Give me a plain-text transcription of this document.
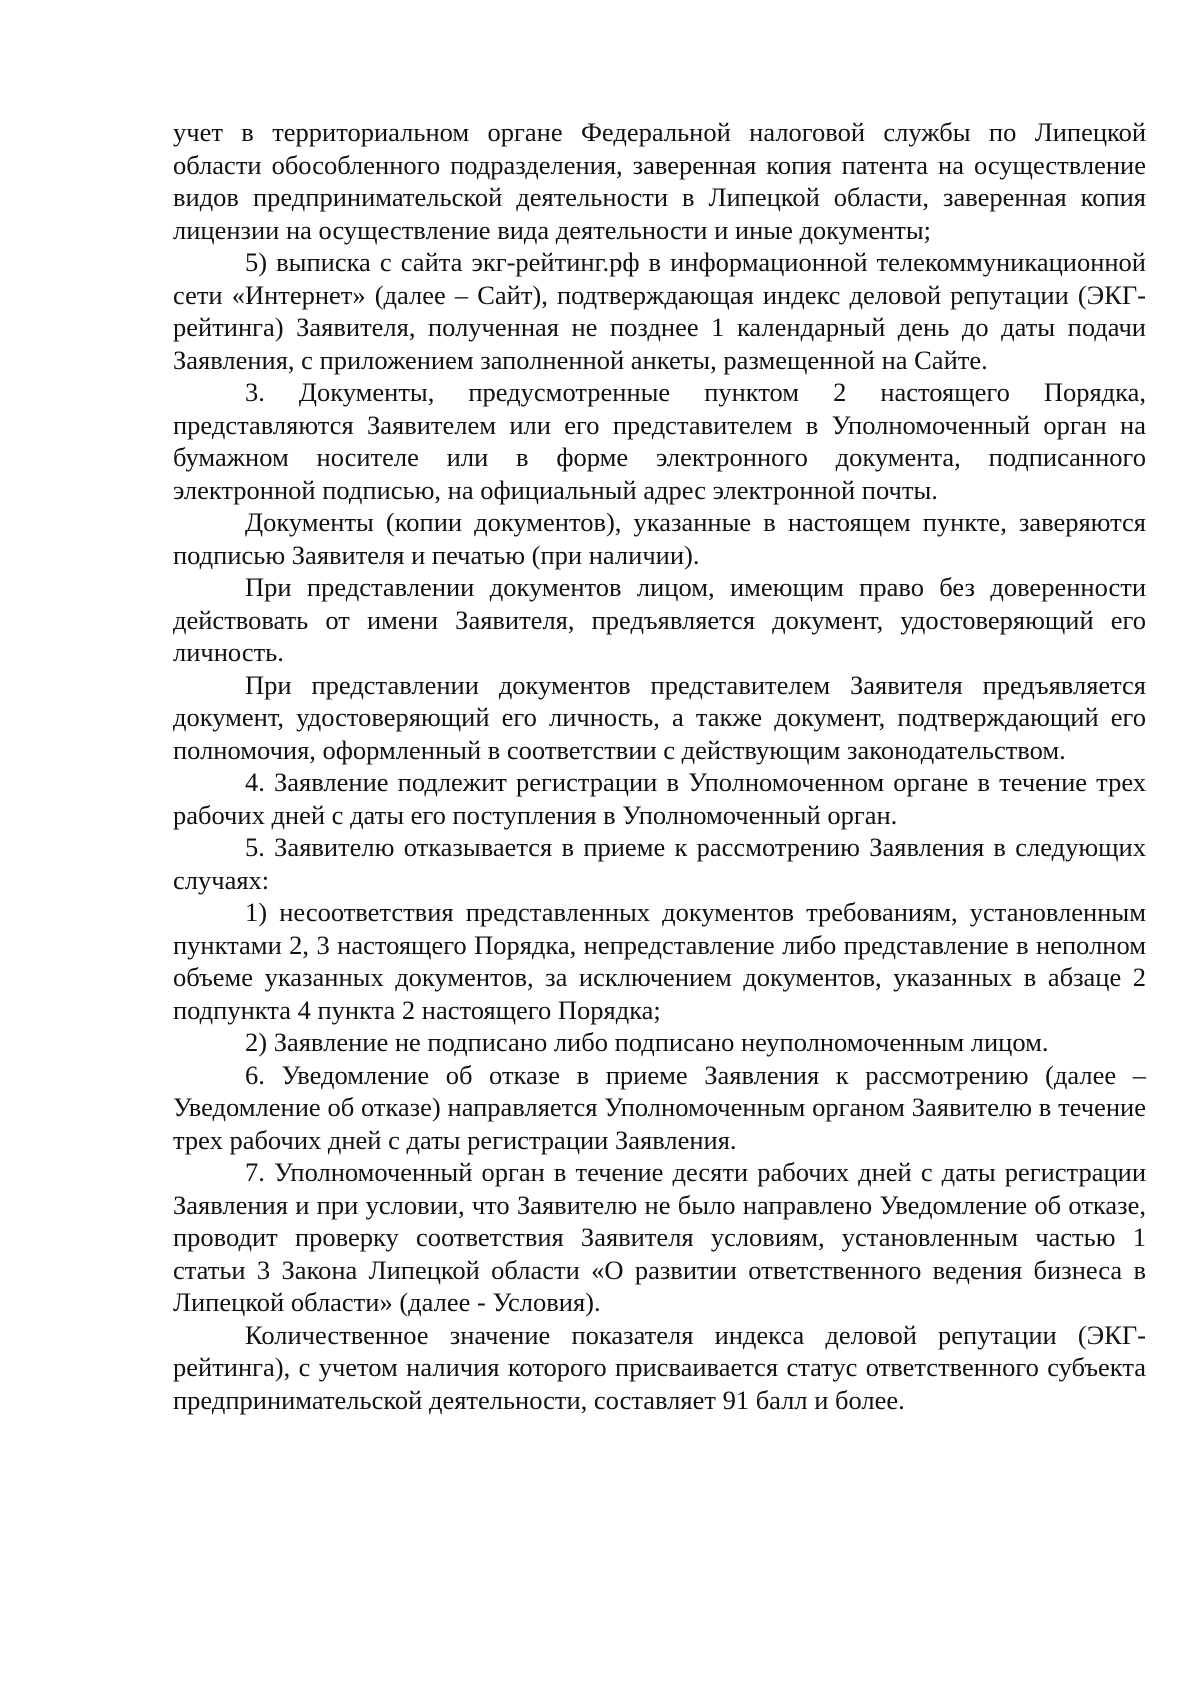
учет в территориальном органе Федеральной налоговой службы по Липецкой области обособленного подразделения, заверенная копия патента на осуществление видов предпринимательской деятельности в Липецкой области, заверенная копия лицензии на осуществление вида деятельности и иные документы;

5) выписка с сайта экг-рейтинг.рф в информационной телекоммуникационной сети «Интернет» (далее – Сайт), подтверждающая индекс деловой репутации (ЭКГ-рейтинга) Заявителя, полученная не позднее 1 календарный день до даты подачи Заявления, с приложением заполненной анкеты, размещенной на Сайте.

3. Документы, предусмотренные пунктом 2 настоящего Порядка, представляются Заявителем или его представителем в Уполномоченный орган на бумажном носителе или в форме электронного документа, подписанного электронной подписью, на официальный адрес электронной почты.

Документы (копии документов), указанные в настоящем пункте, заверяются подписью Заявителя и печатью (при наличии).

При представлении документов лицом, имеющим право без доверенности действовать от имени Заявителя, предъявляется документ, удостоверяющий его личность.

При представлении документов представителем Заявителя предъявляется документ, удостоверяющий его личность, а также документ, подтверждающий его полномочия, оформленный в соответствии с действующим законодательством.

4. Заявление подлежит регистрации в Уполномоченном органе в течение трех рабочих дней с даты его поступления в Уполномоченный орган.

5. Заявителю отказывается в приеме к рассмотрению Заявления в следующих случаях:

1) несоответствия представленных документов требованиям, установленным пунктами 2, 3 настоящего Порядка, непредставление либо представление в неполном объеме указанных документов, за исключением документов, указанных в абзаце 2 подпункта 4 пункта 2 настоящего Порядка;

2) Заявление не подписано либо подписано неуполномоченным лицом.

6. Уведомление об отказе в приеме Заявления к рассмотрению (далее – Уведомление об отказе) направляется Уполномоченным органом Заявителю в течение трех рабочих дней с даты регистрации Заявления.

7. Уполномоченный орган в течение десяти рабочих дней с даты регистрации Заявления и при условии, что Заявителю не было направлено Уведомление об отказе, проводит проверку соответствия Заявителя условиям, установленным частью 1 статьи 3 Закона Липецкой области «О развитии ответственного ведения бизнеса в Липецкой области» (далее - Условия).

Количественное значение показателя индекса деловой репутации (ЭКГ-рейтинга), с учетом наличия которого присваивается статус ответственного субъекта предпринимательской деятельности, составляет 91 балл и более.
